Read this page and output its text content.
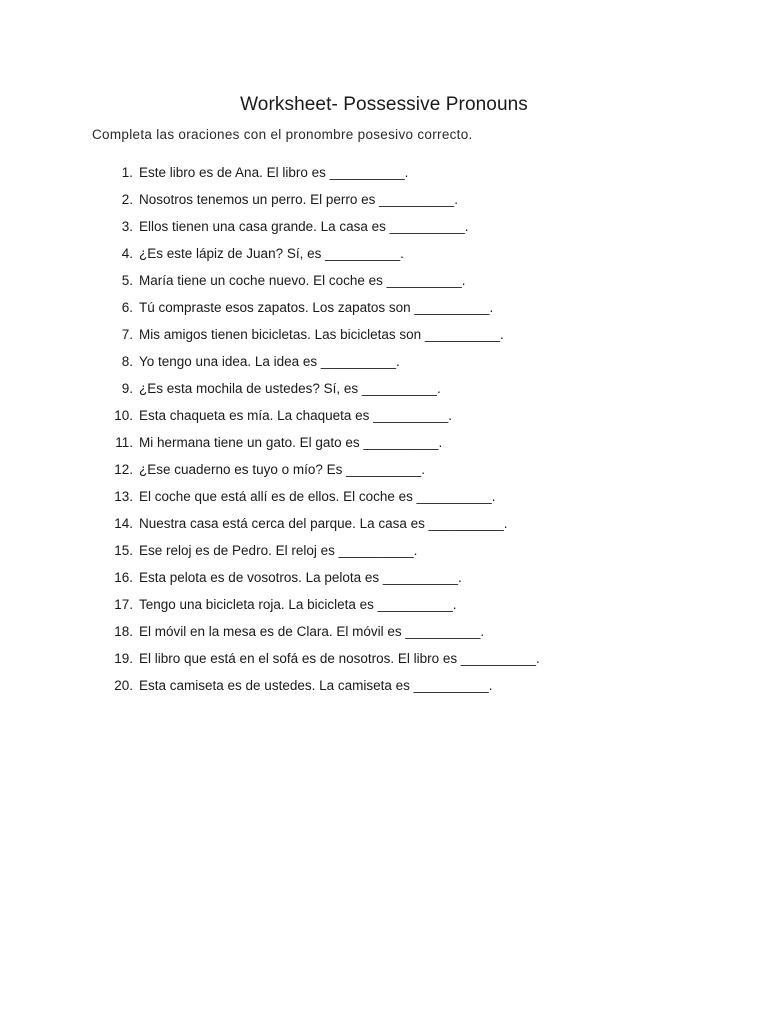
Worksheet- Possessive Pronouns
Completa las oraciones con el pronombre posesivo correcto.
1. Este libro es de Ana. El libro es __________.
2. Nosotros tenemos un perro. El perro es __________.
3. Ellos tienen una casa grande. La casa es __________.
4. ¿Es este lápiz de Juan? Sí, es __________.
5. María tiene un coche nuevo. El coche es __________.
6. Tú compraste esos zapatos. Los zapatos son __________.
7. Mis amigos tienen bicicletas. Las bicicletas son __________.
8. Yo tengo una idea. La idea es __________.
9. ¿Es esta mochila de ustedes? Sí, es __________.
10. Esta chaqueta es mía. La chaqueta es __________.
11. Mi hermana tiene un gato. El gato es __________.
12. ¿Ese cuaderno es tuyo o mío? Es __________.
13. El coche que está allí es de ellos. El coche es __________.
14. Nuestra casa está cerca del parque. La casa es __________.
15. Ese reloj es de Pedro. El reloj es __________.
16. Esta pelota es de vosotros. La pelota es __________.
17. Tengo una bicicleta roja. La bicicleta es __________.
18. El móvil en la mesa es de Clara. El móvil es __________.
19. El libro que está en el sofá es de nosotros. El libro es __________.
20. Esta camiseta es de ustedes. La camiseta es __________.
